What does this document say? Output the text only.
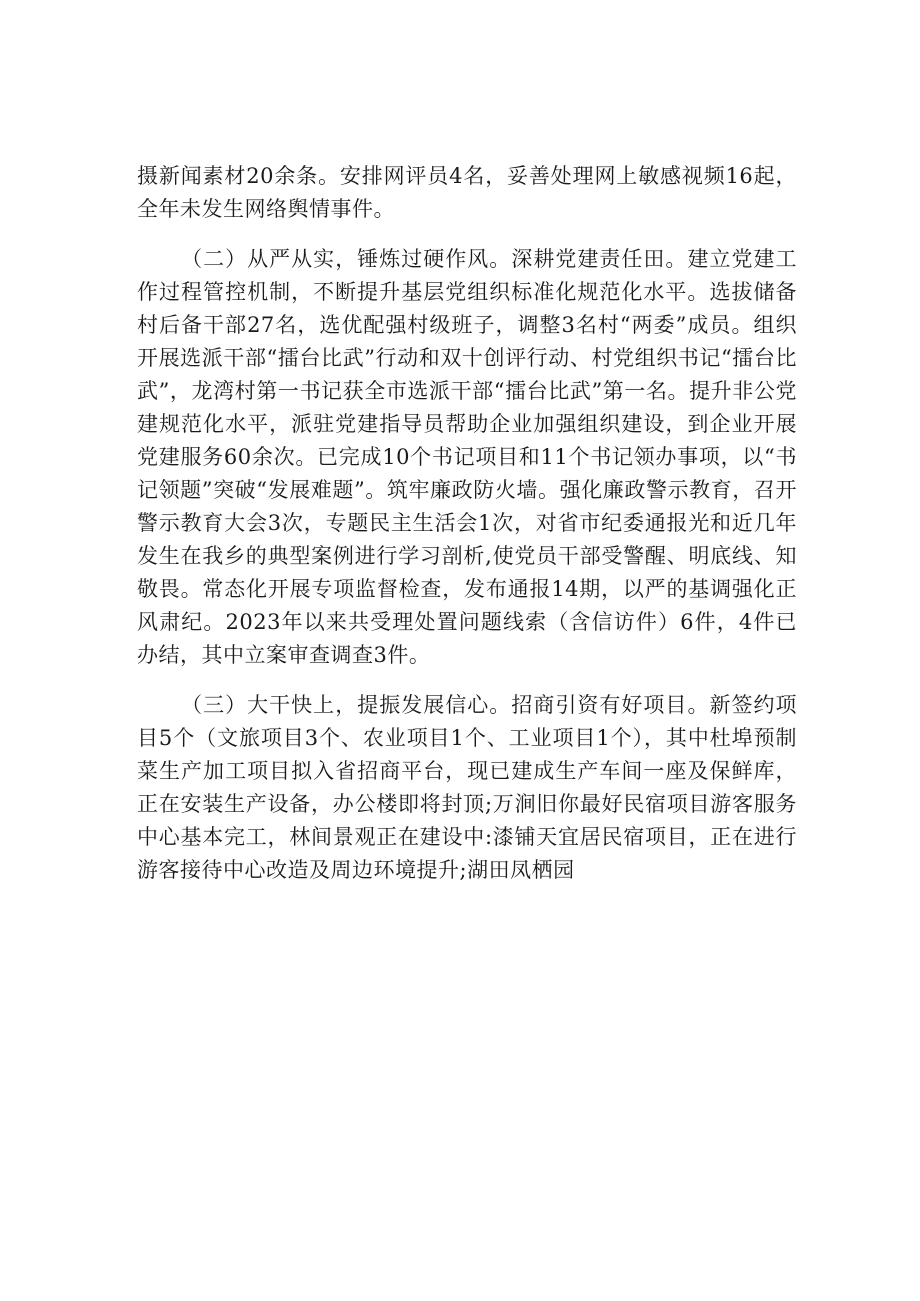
摄新闻素材20余条。安排网评员4名，妥善处理网上敏感视频16起，全年未发生网络舆情事件。

（二）从严从实，锤炼过硬作风。深耕党建责任田。建立党建工作过程管控机制，不断提升基层党组织标准化规范化水平。选拔储备村后备干部27名，选优配强村级班子，调整3名村“两委”成员。组织开展选派干部“擂台比武”行动和双十创评行动、村党组织书记“擂台比武”，龙湾村第一书记获全市选派干部“擂台比武”第一名。提升非公党建规范化水平，派驻党建指导员帮助企业加强组织建设，到企业开展党建服务60余次。已完成10个书记项目和11个书记领办事项，以“书记领题”突破“发展难题”。筑牢廉政防火墙。强化廉政警示教育，召开警示教育大会3次，专题民主生活会1次，对省市纪委通报光和近几年发生在我乡的典型案例进行学习剖析,使党员干部受警醒、明底线、知敬畏。常态化开展专项监督检查，发布通报14期，以严的基调强化正风肃纪。2023年以来共受理处置问题线索（含信访件）6件，4件已办结，其中立案审查调查3件。

（三）大干快上，提振发展信心。招商引资有好项目。新签约项目5个（文旅项目3个、农业项目1个、工业项目1个），其中杜埠预制菜生产加工项目拟入省招商平台，现已建成生产车间一座及保鲜库，正在安装生产设备，办公楼即将封顶;万涧旧你最好民宿项目游客服务中心基本完工，林间景观正在建设中:漆铺天宜居民宿项目，正在进行游客接待中心改造及周边环境提升;湖田凤栖园
